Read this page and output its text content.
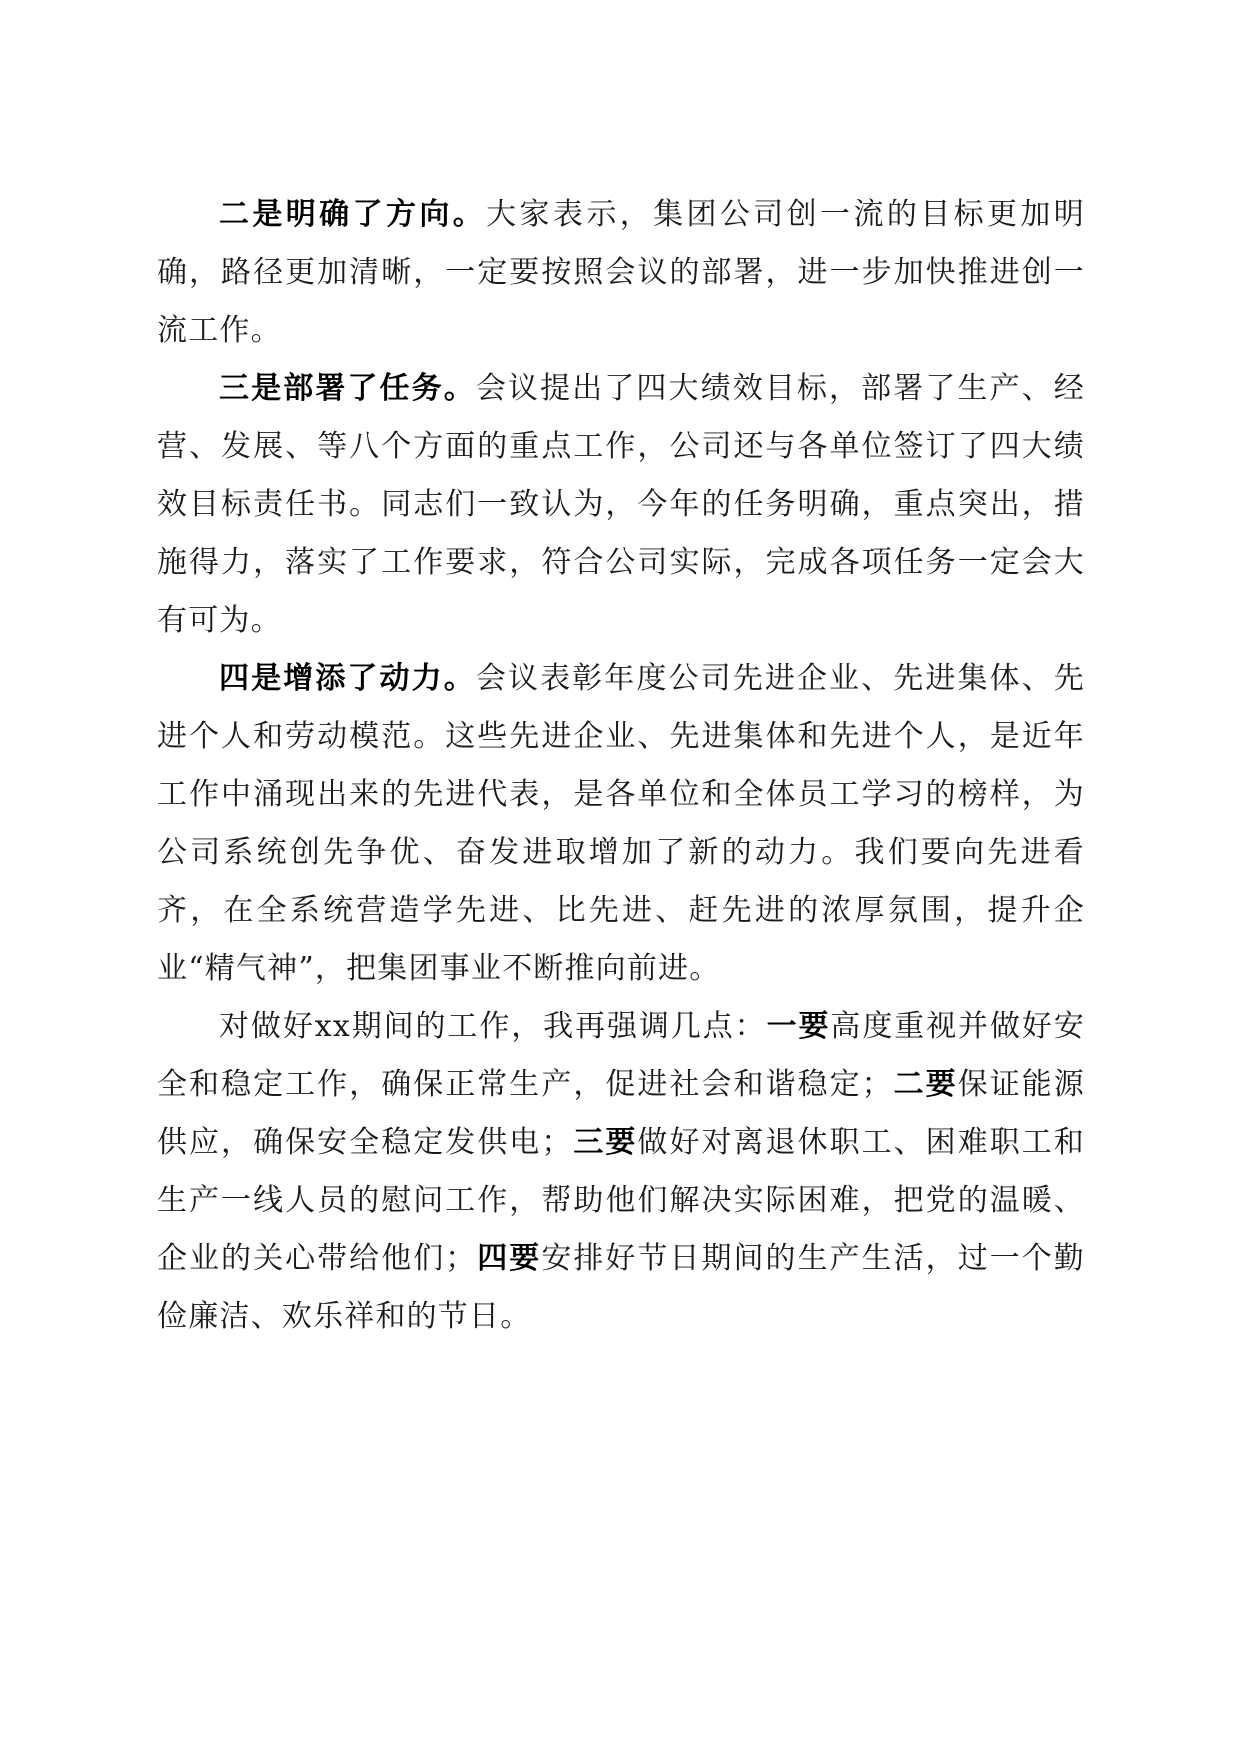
二是明确了方向。大家表示，集团公司创一流的目标更加明确，路径更加清晰，一定要按照会议的部署，进一步加快推进创一流工作。

三是部署了任务。会议提出了四大绩效目标，部署了生产、经营、发展、等八个方面的重点工作，公司还与各单位签订了四大绩效目标责任书。同志们一致认为，今年的任务明确，重点突出，措施得力，落实了工作要求，符合公司实际，完成各项任务一定会大有可为。

四是增添了动力。会议表彰年度公司先进企业、先进集体、先进个人和劳动模范。这些先进企业、先进集体和先进个人，是近年工作中涌现出来的先进代表，是各单位和全体员工学习的榜样，为公司系统创先争优、奋发进取增加了新的动力。我们要向先进看齐，在全系统营造学先进、比先进、赶先进的浓厚氛围，提升企业“精气神”，把集团事业不断推向前进。

对做好xx期间的工作，我再强调几点：一要高度重视并做好安全和稳定工作，确保正常生产，促进社会和谐稳定；二要保证能源供应，确保安全稳定发供电；三要做好对离退休职工、困难职工和生产一线人员的慰问工作，帮助他们解决实际困难，把党的温暖、企业的关心带给他们；四要安排好节日期间的生产生活，过一个勤俭廉洁、欢乐祥和的节日。
